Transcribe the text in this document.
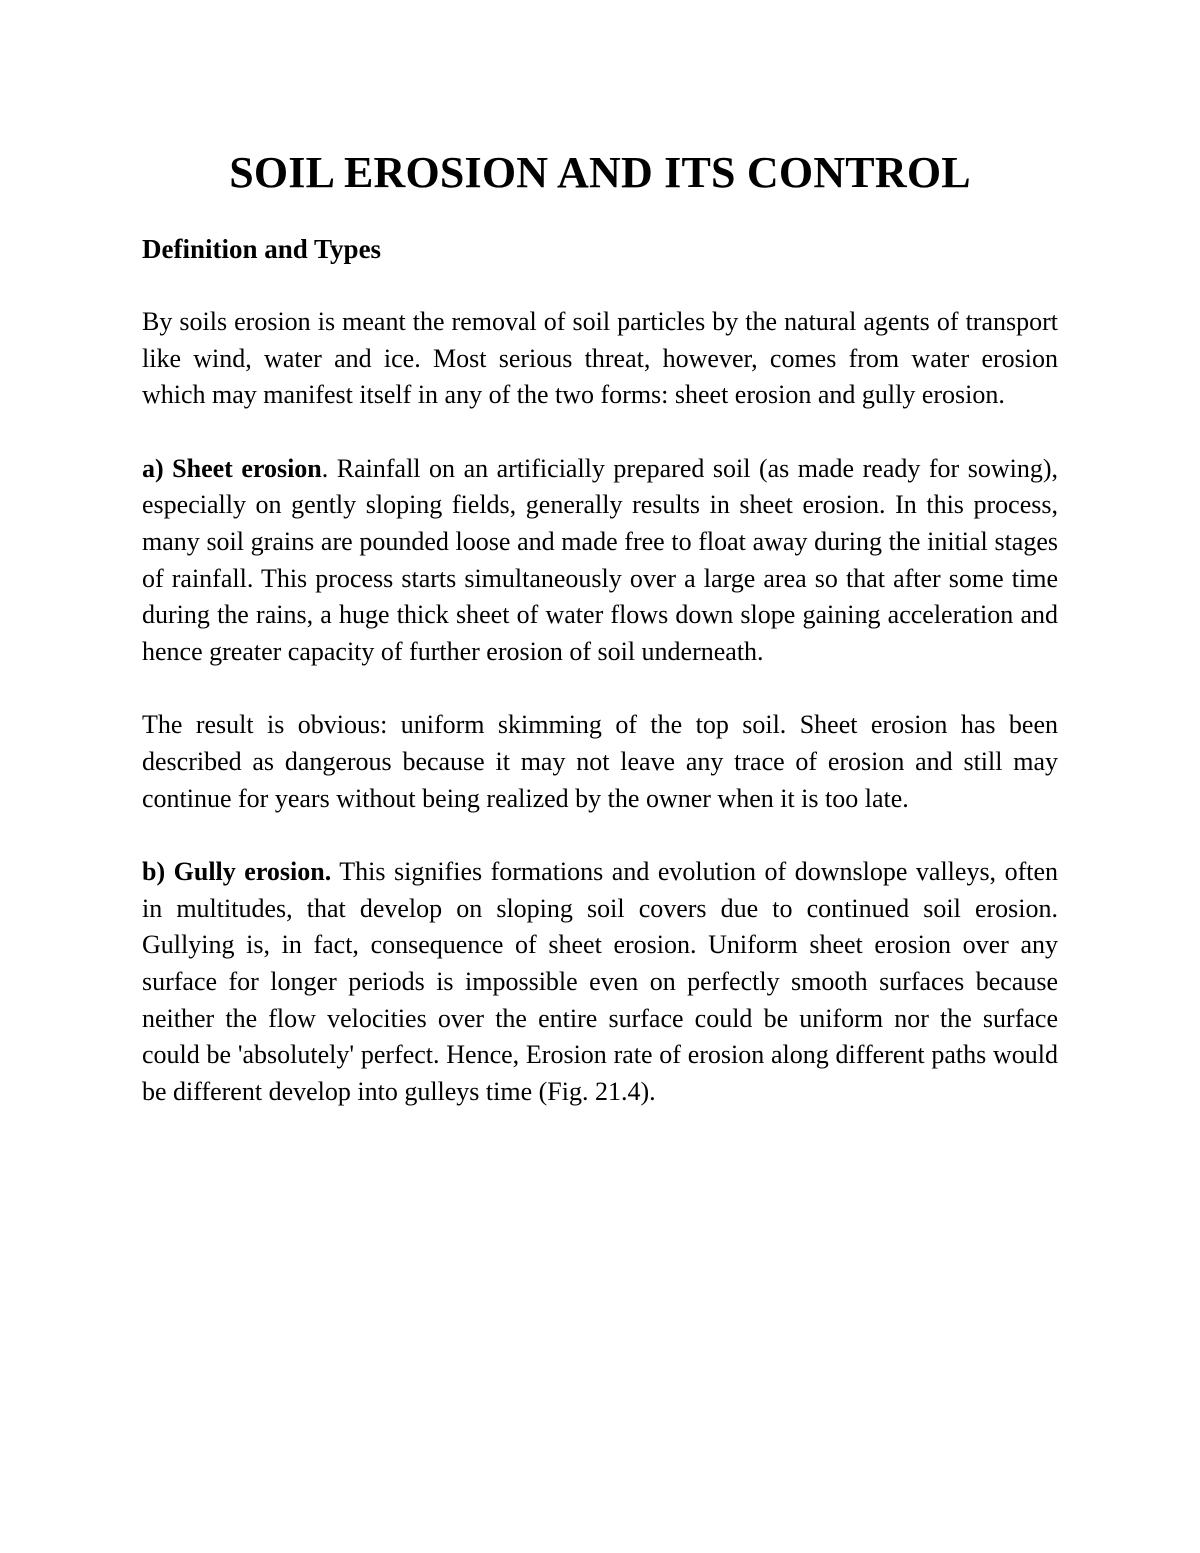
SOIL EROSION AND ITS CONTROL
Definition and Types

By soils erosion is meant the removal of soil particles by the natural agents of transport like wind, water and ice. Most serious threat, however, comes from water erosion which may manifest itself in any of the two forms: sheet erosion and gully erosion.

a) Sheet erosion. Rainfall on an artificially prepared soil (as made ready for sowing), especially on gently sloping fields, generally results in sheet erosion. In this process, many soil grains are pounded loose and made free to float away during the initial stages of rainfall. This process starts simultaneously over a large area so that after some time during the rains, a huge thick sheet of water flows down slope gaining acceleration and hence greater capacity of further erosion of soil underneath.

The result is obvious: uniform skimming of the top soil. Sheet erosion has been described as dangerous because it may not leave any trace of erosion and still may continue for years without being realized by the owner when it is too late.

b) Gully erosion. This signifies formations and evolution of downslope valleys, often in multitudes, that develop on sloping soil covers due to continued soil erosion. Gullying is, in fact, consequence of sheet erosion. Uniform sheet erosion over any surface for longer periods is impossible even on perfectly smooth surfaces because neither the flow velocities over the entire surface could be uniform nor the surface could be 'absolutely' perfect. Hence, Erosion rate of erosion along different paths would be different develop into gulleys time (Fig. 21.4).
